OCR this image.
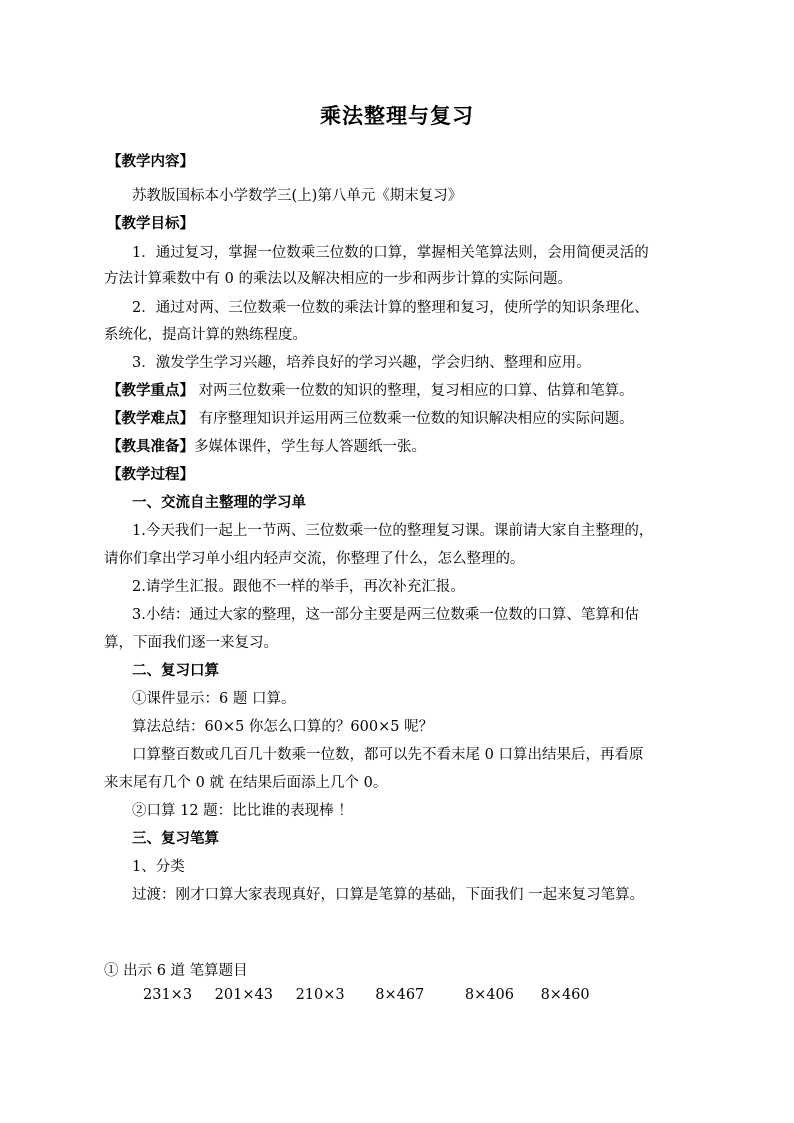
乘法整理与复习
【教学内容】
苏教版国标本小学数学三(上)第八单元《期末复习》
【教学目标】
1．通过复习，掌握一位数乘三位数的口算，掌握相关笔算法则，会用简便灵活的
方法计算乘数中有 0 的乘法以及解决相应的一步和两步计算的实际问题。
2．通过对两、三位数乘一位数的乘法计算的整理和复习，使所学的知识条理化、
系统化，提高计算的熟练程度。
3．激发学生学习兴趣，培养良好的学习兴趣，学会归纳、整理和应用。
【教学重点】 对两三位数乘一位数的知识的整理，复习相应的口算、估算和笔算。
【教学难点】 有序整理知识并运用两三位数乘一位数的知识解决相应的实际问题。
【教具准备】多媒体课件，学生每人答题纸一张。
【教学过程】
一、交流自主整理的学习单
1.今天我们一起上一节两、三位数乘一位的整理复习课。课前请大家自主整理的，
请你们拿出学习单小组内轻声交流，你整理了什么，怎么整理的。
2.请学生汇报。跟他不一样的举手，再次补充汇报。
3.小结：通过大家的整理，这一部分主要是两三位数乘一位数的口算、笔算和估
算，下面我们逐一来复习。
二、复习口算
①课件显示：6 题 口算。
算法总结：60×5 你怎么口算的？600×5 呢？
口算整百数或几百几十数乘一位数，都可以先不看末尾 0 口算出结果后，再看原
来末尾有几个 0 就 在结果后面添上几个 0。
②口算 12 题：比比谁的表现棒 ！
三、复习笔算
1、分类
过渡：刚才口算大家表现真好，口算是笔算的基础，下面我们 一起来复习笔算。
① 出示 6 道 笔算题目
231×3 201×43 210×3 8×467	8×406 8×460
